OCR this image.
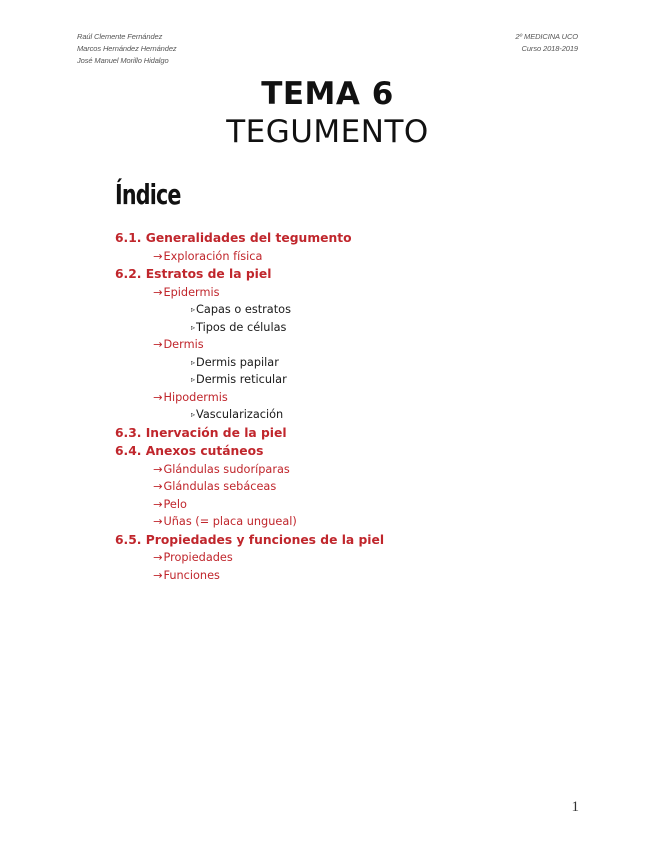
Raúl Clemente Fernández
Marcos Hernández Hernández
José Manuel Morillo Hidalgo
2º MEDICINA UCO
Curso 2018-2019
TEMA 6
TEGUMENTO
Índice
6.1. Generalidades del tegumento
→Exploración física
6.2. Estratos de la piel
→Epidermis
▹Capas o estratos
▹Tipos de células
→Dermis
▹Dermis papilar
▹Dermis reticular
→Hipodermis
▹Vascularización
6.3. Inervación de la piel
6.4. Anexos cutáneos
→Glándulas sudoríparas
→Glándulas sebáceas
→Pelo
→Uñas (= placa ungueal)
6.5. Propiedades y funciones de la piel
→Propiedades
→Funciones
1
